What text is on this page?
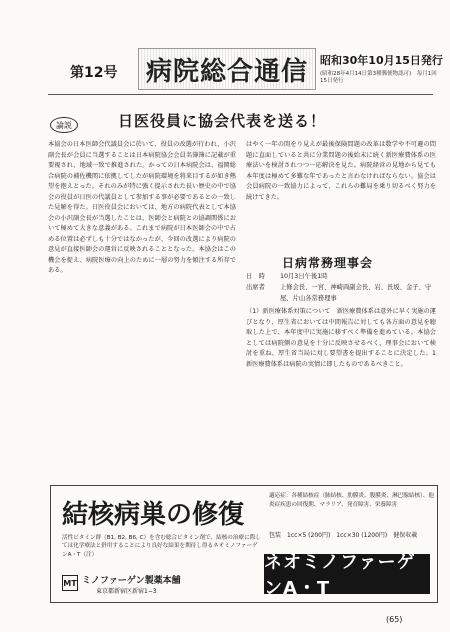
第12号	病院総合通信	昭和30年10月15日発行
(昭和28年4月14日第3種郵便物認可)　毎月1回15日発行
論説	日医役員に協会代表を送る！
本協会の日本医師会代議員会に於いて、役員の改選が行われ、小沢副会長が会員に当選することは日本病院協会会員名簿簿に記載が重要視され、地域一致で推進された。かっての日本病院会は、福岡総合病院の補佐機関に依拠してしたが病院環境を将来目するが如き熱望を抱えとった。それのみが特に強く提示された長い歴史の中で協会の役員が日医の代議員として参加する事が必要であるとの一致した見解を得た。日医役員会においては、地方の病院代表として本協会の小沢副会長が当選したことは、医師会と病院との協調関係において極めて大きな意義がある。これまで病院が日本医師会の中で占める位置は必ずしも十分ではなかったが、今回の改選により病院の意見が直接医師会の運営に反映されることとなった。本協会はこの機会を捉え、病院医療の向上のために一層の努力を傾注する所存である。
はやく一年の間をり見えが最後保険問題の改革は数学や不可避の問題に直面していると共に分業問題の後始末に続く新医療費体系の医療法いを検討されつつ一応解決を見た。病院経営の見地から見ても本年度は極めて多難な年であったと言わなければならない。協会は会員病院の一致協力によって、これらの難局を乗り切るべく努力を続けてきた。
日病常務理事会
日　時	10月3日午後1時
出席者	上條会長、一宮、神崎両副会長、岩、長坂、金子、守屋、片山各常務理事
（1）新医療体系対策について　新医療費体系は意外に早く実施の運びとなり、厚生省においては中間報告に対しても各方面の意見を聴取した上で、本年度中に実施に移すべく準備を進めている。本協会としては病院側の意見を十分に反映させるべく、理事会において検討を重ね、厚生省当局に対し要望書を提出することに決定した。1　新医療費体系は病院の実情に即したものであるべきこと。
結核病巣の修復
適応症：各種結核症（肺結核、肋膜炎、腹膜炎、淋巴腺結核）、他炎症疾患の回復期、マラリア、発育障害、栄養障害
活性ビタミン群（B1, B2, B6, C）を含む総合ビタミン剤で、結核の治療に際しては化学療法と併用することにより良好な結果を期待し得るネオミノファーゲンA・T（注）
包装　1cc×5 (200円)　1cc×30 (1200円)　健保収載
MT ミノファーゲン製薬本舗
東京都新宿区新宿1−3
ネオミノファーゲンA・T
(65)
